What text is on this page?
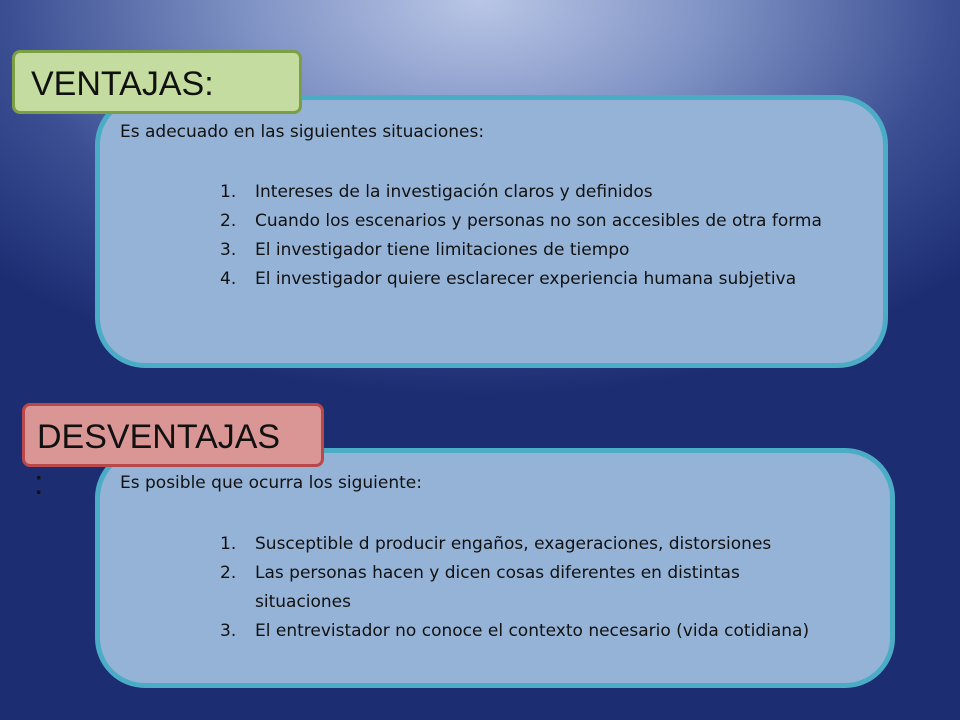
Es adecuado en las siguientes situaciones:
1. Intereses de la investigación claros y definidos
2. Cuando los escenarios y personas no son accesibles de otra forma
3. El investigador tiene limitaciones de tiempo
4. El investigador quiere esclarecer experiencia humana subjetiva
VENTAJAS:
Es posible que ocurra los siguiente:
1. Susceptible d producir engaños, exageraciones, distorsiones
2. Las personas hacen y dicen cosas diferentes en distintas situaciones
3. El entrevistador no conoce el contexto necesario (vida cotidiana)
DESVENTAJAS
:
